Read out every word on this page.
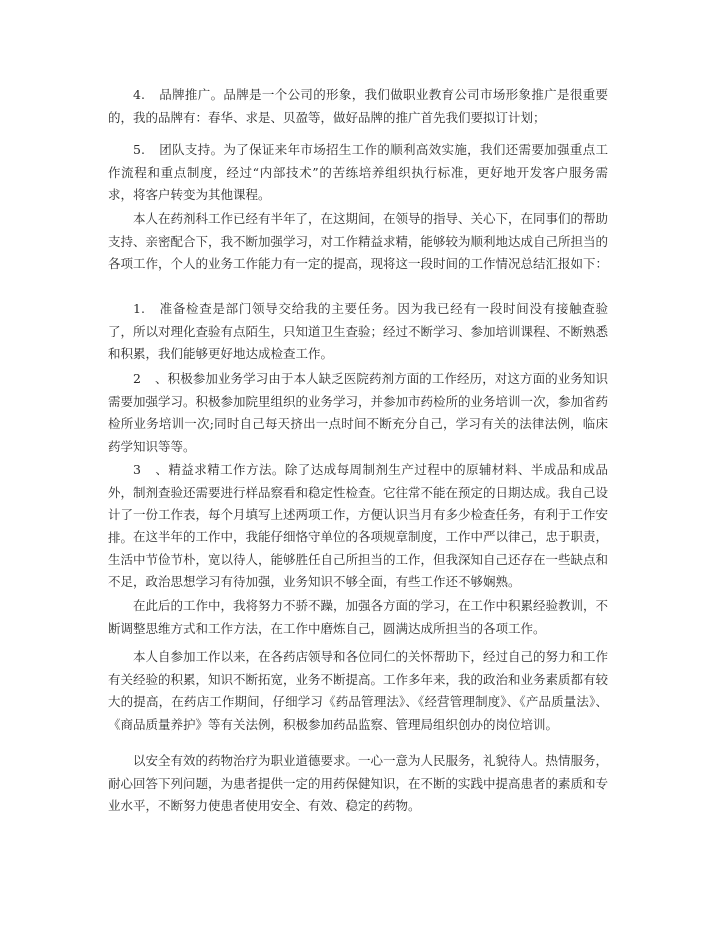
4. 品牌推广。品牌是一个公司的形象，我们做职业教育公司市场形象推广是很重要的，我的品牌有：春华、求是、贝盈等，做好品牌的推广首先我们要拟订计划；

5. 团队支持。为了保证来年市场招生工作的顺利高效实施，我们还需要加强重点工作流程和重点制度，经过“内部技术”的苦练培养组织执行标准，更好地开发客户服务需求，将客户转变为其他课程。

本人在药剂科工作已经有半年了，在这期间，在领导的指导、关心下，在同事们的帮助支持、亲密配合下，我不断加强学习，对工作精益求精，能够较为顺利地达成自己所担当的各项工作，个人的业务工作能力有一定的提高，现将这一段时间的工作情况总结汇报如下：

1. 准备检查是部门领导交给我的主要任务。因为我已经有一段时间没有接触查验了，所以对理化查验有点陌生，只知道卫生查验；经过不断学习、参加培训课程、不断熟悉和积累，我们能够更好地达成检查工作。

2 、积极参加业务学习由于本人缺乏医院药剂方面的工作经历，对这方面的业务知识需要加强学习。积极参加院里组织的业务学习，并参加市药检所的业务培训一次，参加省药检所业务培训一次;同时自己每天挤出一点时间不断充分自己，学习有关的法律法例，临床药学知识等等。

3 、精益求精工作方法。除了达成每周制剂生产过程中的原辅材料、半成品和成品外，制剂查验还需要进行样品察看和稳定性检查。它往常不能在预定的日期达成。我自己设计了一份工作表，每个月填写上述两项工作，方便认识当月有多少检查任务，有利于工作安排。 在这半年的工作中，我能仔细恪守单位的各项规章制度，工作中严以律己，忠于职责，生活中节俭节朴，宽以待人，能够胜任自己所担当的工作，但我深知自己还存在一些缺点和不足，政治思想学习有待加强，业务知识不够全面，有些工作还不够娴熟。

在此后的工作中，我将努力不骄不躁，加强各方面的学习，在工作中积累经验教训，不断调整思维方式和工作方法，在工作中磨炼自己，圆满达成所担当的各项工作。

本人自参加工作以来，在各药店领导和各位同仁的关怀帮助下，经过自己的努力和工作有关经验的积累，知识不断拓宽，业务不断提高。工作多年来，我的政治和业务素质都有较大的提高，在药店工作期间，仔细学习《药品管理法》、《经营管理制度》、《产品质量法》、《商品质量养护》等有关法例，积极参加药品监察、管理局组织创办的岗位培训。

以安全有效的药物治疗为职业道德要求。一心一意为人民服务，礼貌待人。热情服务，耐心回答下列问题，为患者提供一定的用药保健知识，在不断的实践中提高患者的素质和专业水平，不断努力使患者使用安全、有效、稳定的药物。
